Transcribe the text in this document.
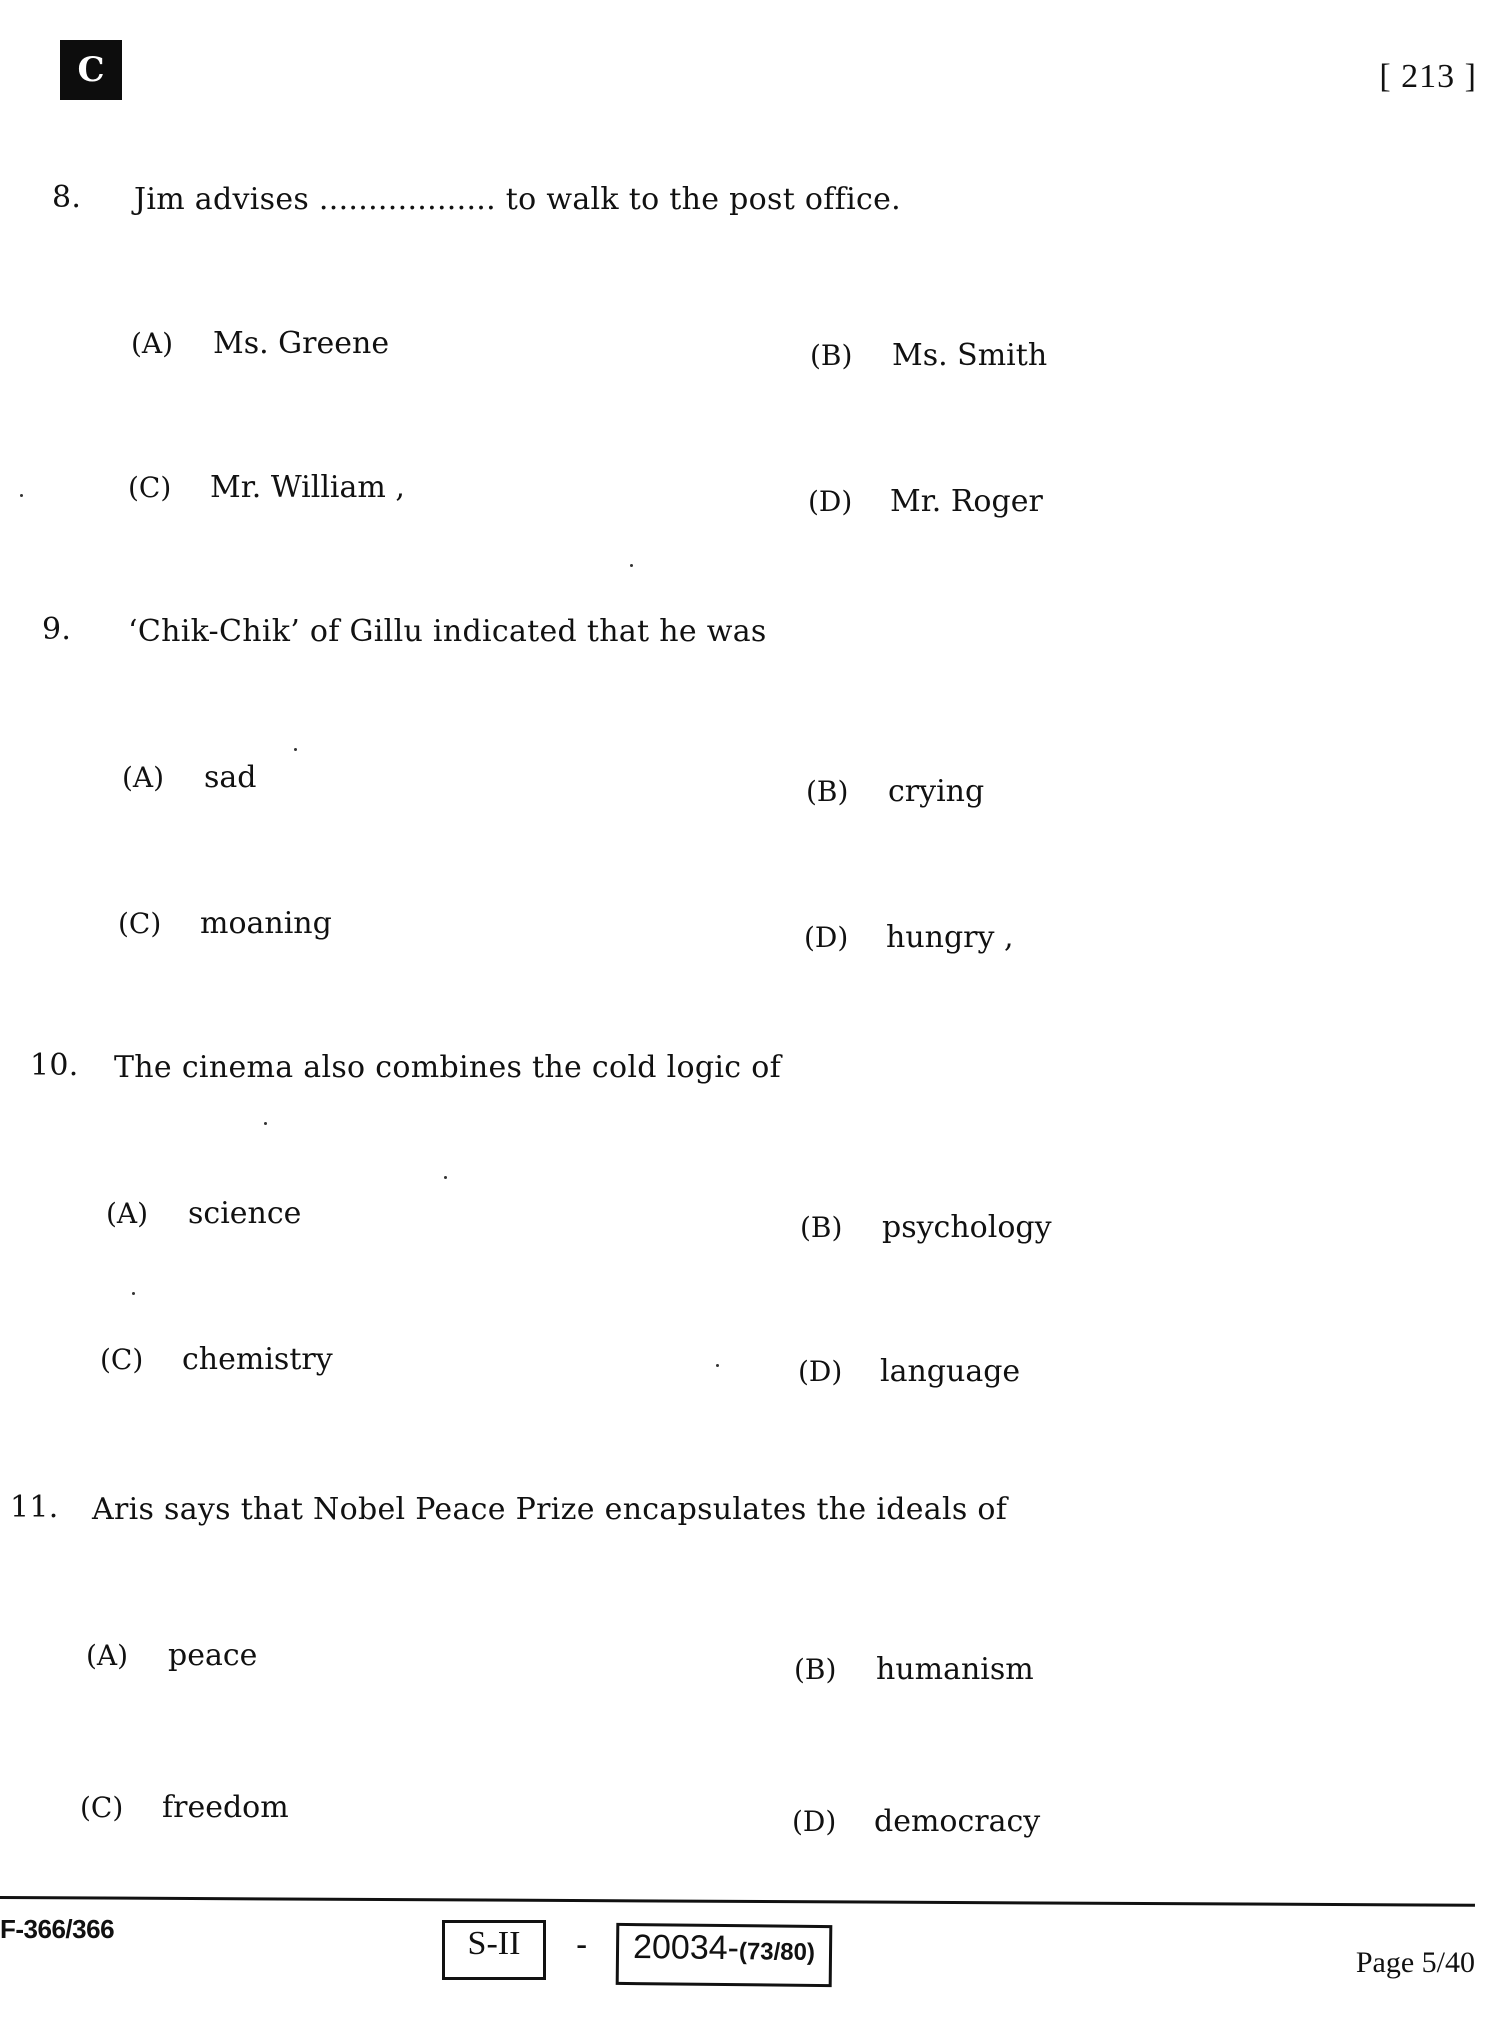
C	[ 213 ]
8. Jim advises .................. to walk to the post office.
(A) Ms. Greene	(B) Ms. Smith
(C) Mr. William ,	(D) Mr. Roger
9. ‘Chik-Chik’ of Gillu indicated that he was
(A) sad	(B) crying
(C) moaning	(D) hungry ,
10. The cinema also combines the cold logic of
(A) science	(B) psychology
(C) chemistry	(D) language
11. Aris says that Nobel Peace Prize encapsulates the ideals of
(A) peace	(B) humanism
(C) freedom	(D) democracy
F-366/366	S-II	-	20034-(73/80)	Page 5/40
